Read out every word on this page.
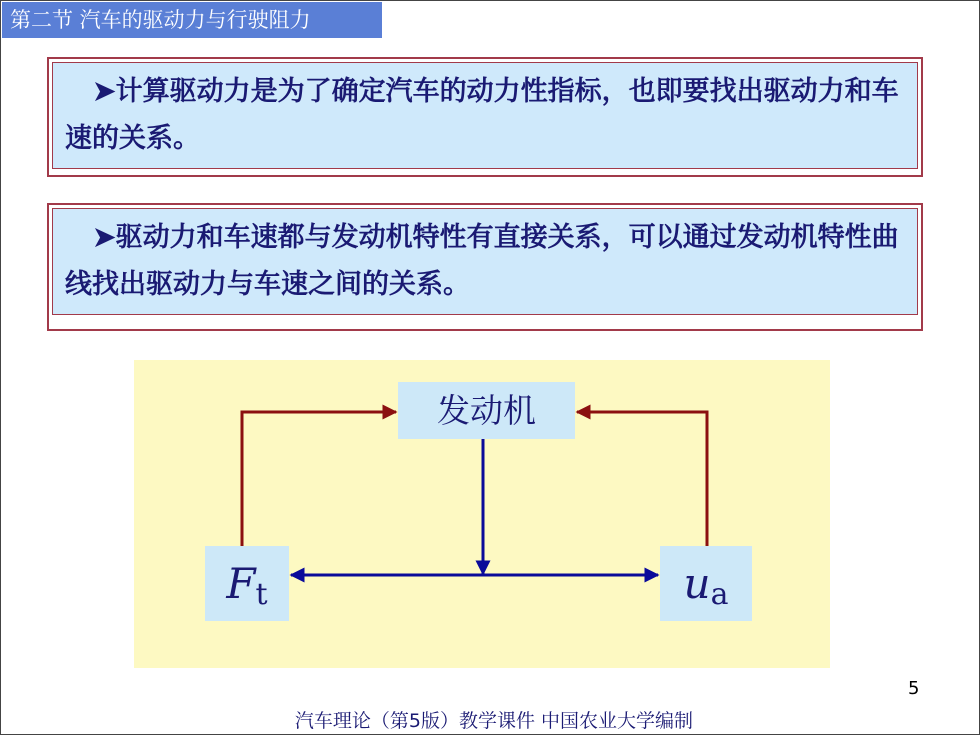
第二节 汽车的驱动力与行驶阻力
➤计算驱动力是为了确定汽车的动力性指标，也即要找出驱动力和车速的关系。
➤驱动力和车速都与发动机特性有直接关系，可以通过发动机特性曲线找出驱动力与车速之间的关系。
发动机
$F_t$	$u_a$
5
汽车理论（第5版）教学课件 中国农业大学编制
